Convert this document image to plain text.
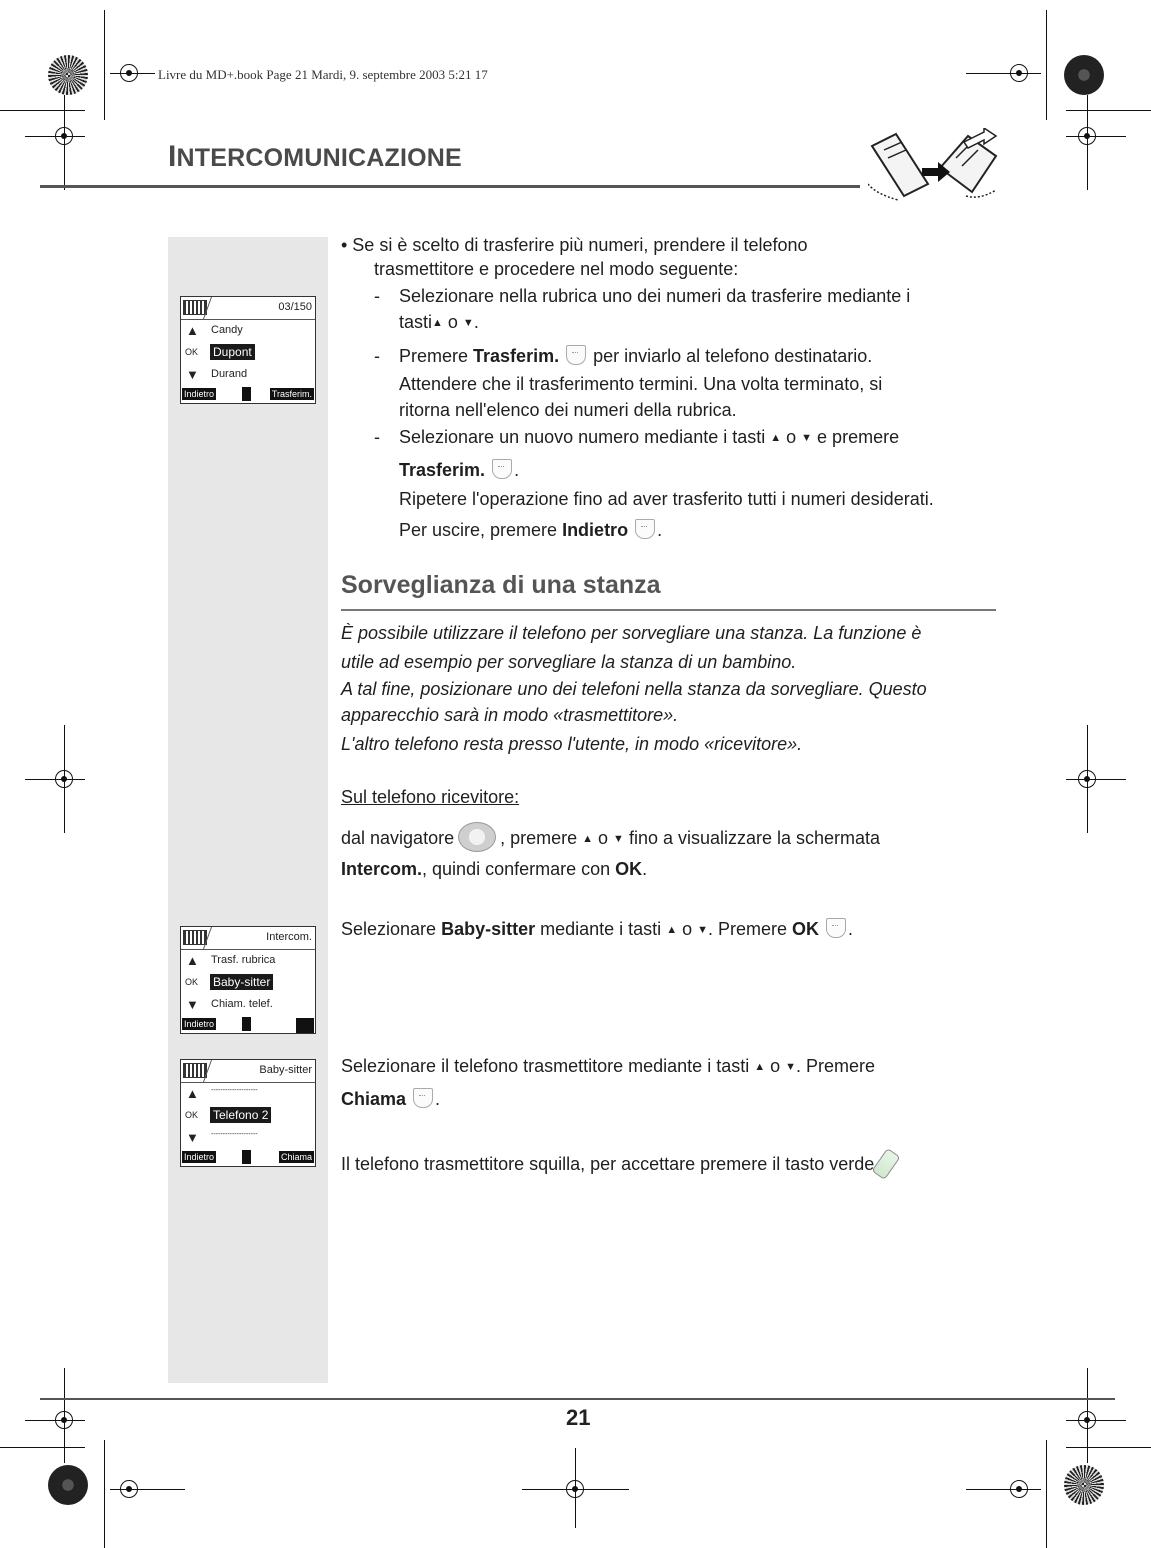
Livre du MD+.book Page 21 Mardi, 9. septembre 2003 5:21 17
INTERCOMUNICAZIONE
03/150
▲ Candy
OK Dupont
▼ Durand
Indietro	Trasferim.
Intercom.
▲ Trasf. rubrica
OK Baby-sitter
▼ Chiam. telef.
Indietro
Baby-sitter
▲ --------------------
OK Telefono 2
▼ --------------------
Indietro	Chiama
• Se si è scelto di trasferire più numeri, prendere il telefono
trasmettitore e procedere nel modo seguente:
- Selezionare nella rubrica uno dei numeri da trasferire mediante i
tasti▲ o ▼.
- Premere Trasferim.  per inviarlo al telefono destinatario.
Attendere che il trasferimento termini. Una volta terminato, si
ritorna nell'elenco dei numeri della rubrica.
- Selezionare un nuovo numero mediante i tasti ▲ o ▼ e premere
Trasferim. .
Ripetere l'operazione fino ad aver trasferito tutti i numeri desiderati.
Per uscire, premere Indietro .
Sorveglianza di una stanza
È possibile utilizzare il telefono per sorvegliare una stanza. La funzione è
utile ad esempio per sorvegliare la stanza di un bambino.
A tal fine, posizionare uno dei telefoni nella stanza da sorvegliare. Questo
apparecchio sarà in modo «trasmettitore».
L'altro telefono resta presso l'utente, in modo «ricevitore».
Sul telefono ricevitore:
dal navigatore	, premere ▲ o ▼ fino a visualizzare la schermata
Intercom., quindi confermare con OK.
Selezionare Baby-sitter mediante i tasti ▲ o ▼. Premere OK .
Selezionare il telefono trasmettitore mediante i tasti ▲ o ▼. Premere
Chiama .
Il telefono trasmettitore squilla, per accettare premere il tasto verde
21
